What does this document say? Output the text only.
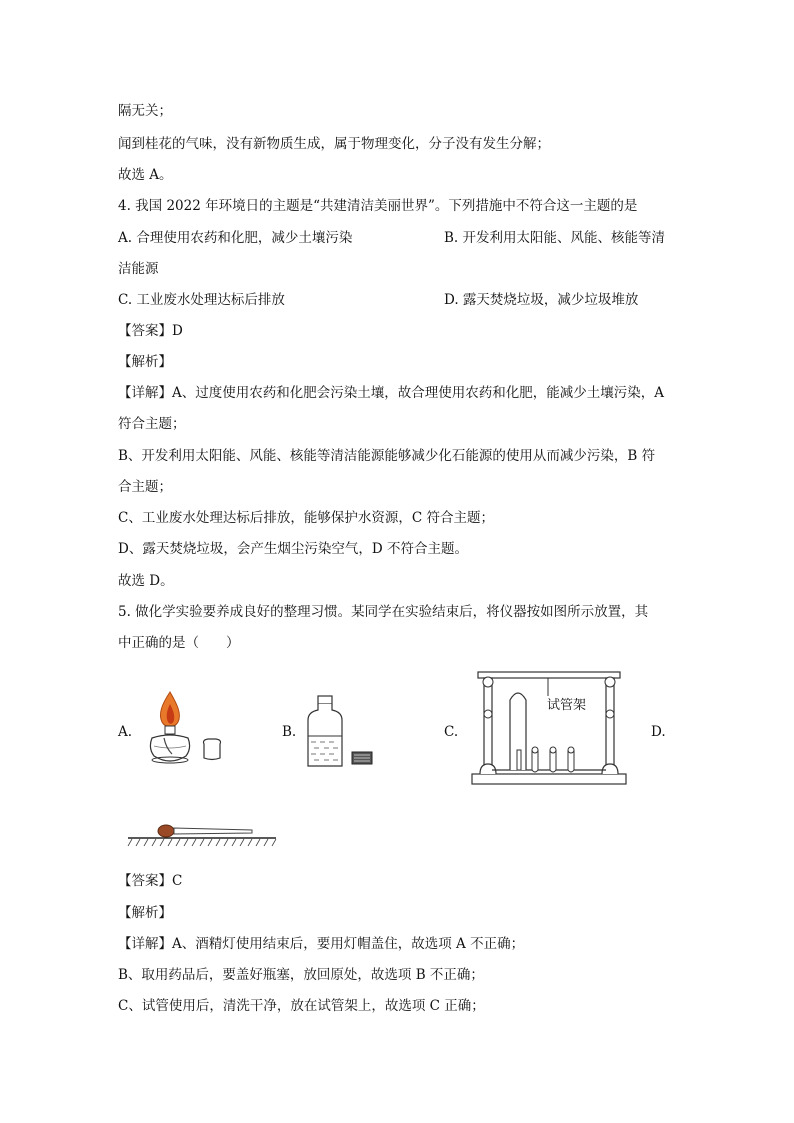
隔无关；
闻到桂花的气味，没有新物质生成，属于物理变化，分子没有发生分解；
故选 A。
4. 我国 2022 年环境日的主题是“共建清洁美丽世界”。下列措施中不符合这一主题的是
A. 合理使用农药和化肥，减少土壤污染	B. 开发利用太阳能、风能、核能等清
洁能源
C. 工业废水处理达标后排放	D. 露天焚烧垃圾，减少垃圾堆放
【答案】D
【解析】
【详解】A、过度使用农药和化肥会污染土壤，故合理使用农药和化肥，能减少土壤污染，A
符合主题；
B、开发利用太阳能、风能、核能等清洁能源能够减少化石能源的使用从而减少污染，B 符
合主题；
C、工业废水处理达标后排放，能够保护水资源，C 符合主题；
D、露天焚烧垃圾，会产生烟尘污染空气，D 不符合主题。
故选 D。
5. 做化学实验要养成良好的整理习惯。某同学在实验结束后，将仪器按如图所示放置，其
中正确的是（　　）
A.	B.	C.	D.
试管架
【答案】C
【解析】
【详解】A、酒精灯使用结束后，要用灯帽盖住，故选项 A 不正确；
B、取用药品后，要盖好瓶塞，放回原处，故选项 B 不正确；
C、试管使用后，清洗干净，放在试管架上，故选项 C 正确；
